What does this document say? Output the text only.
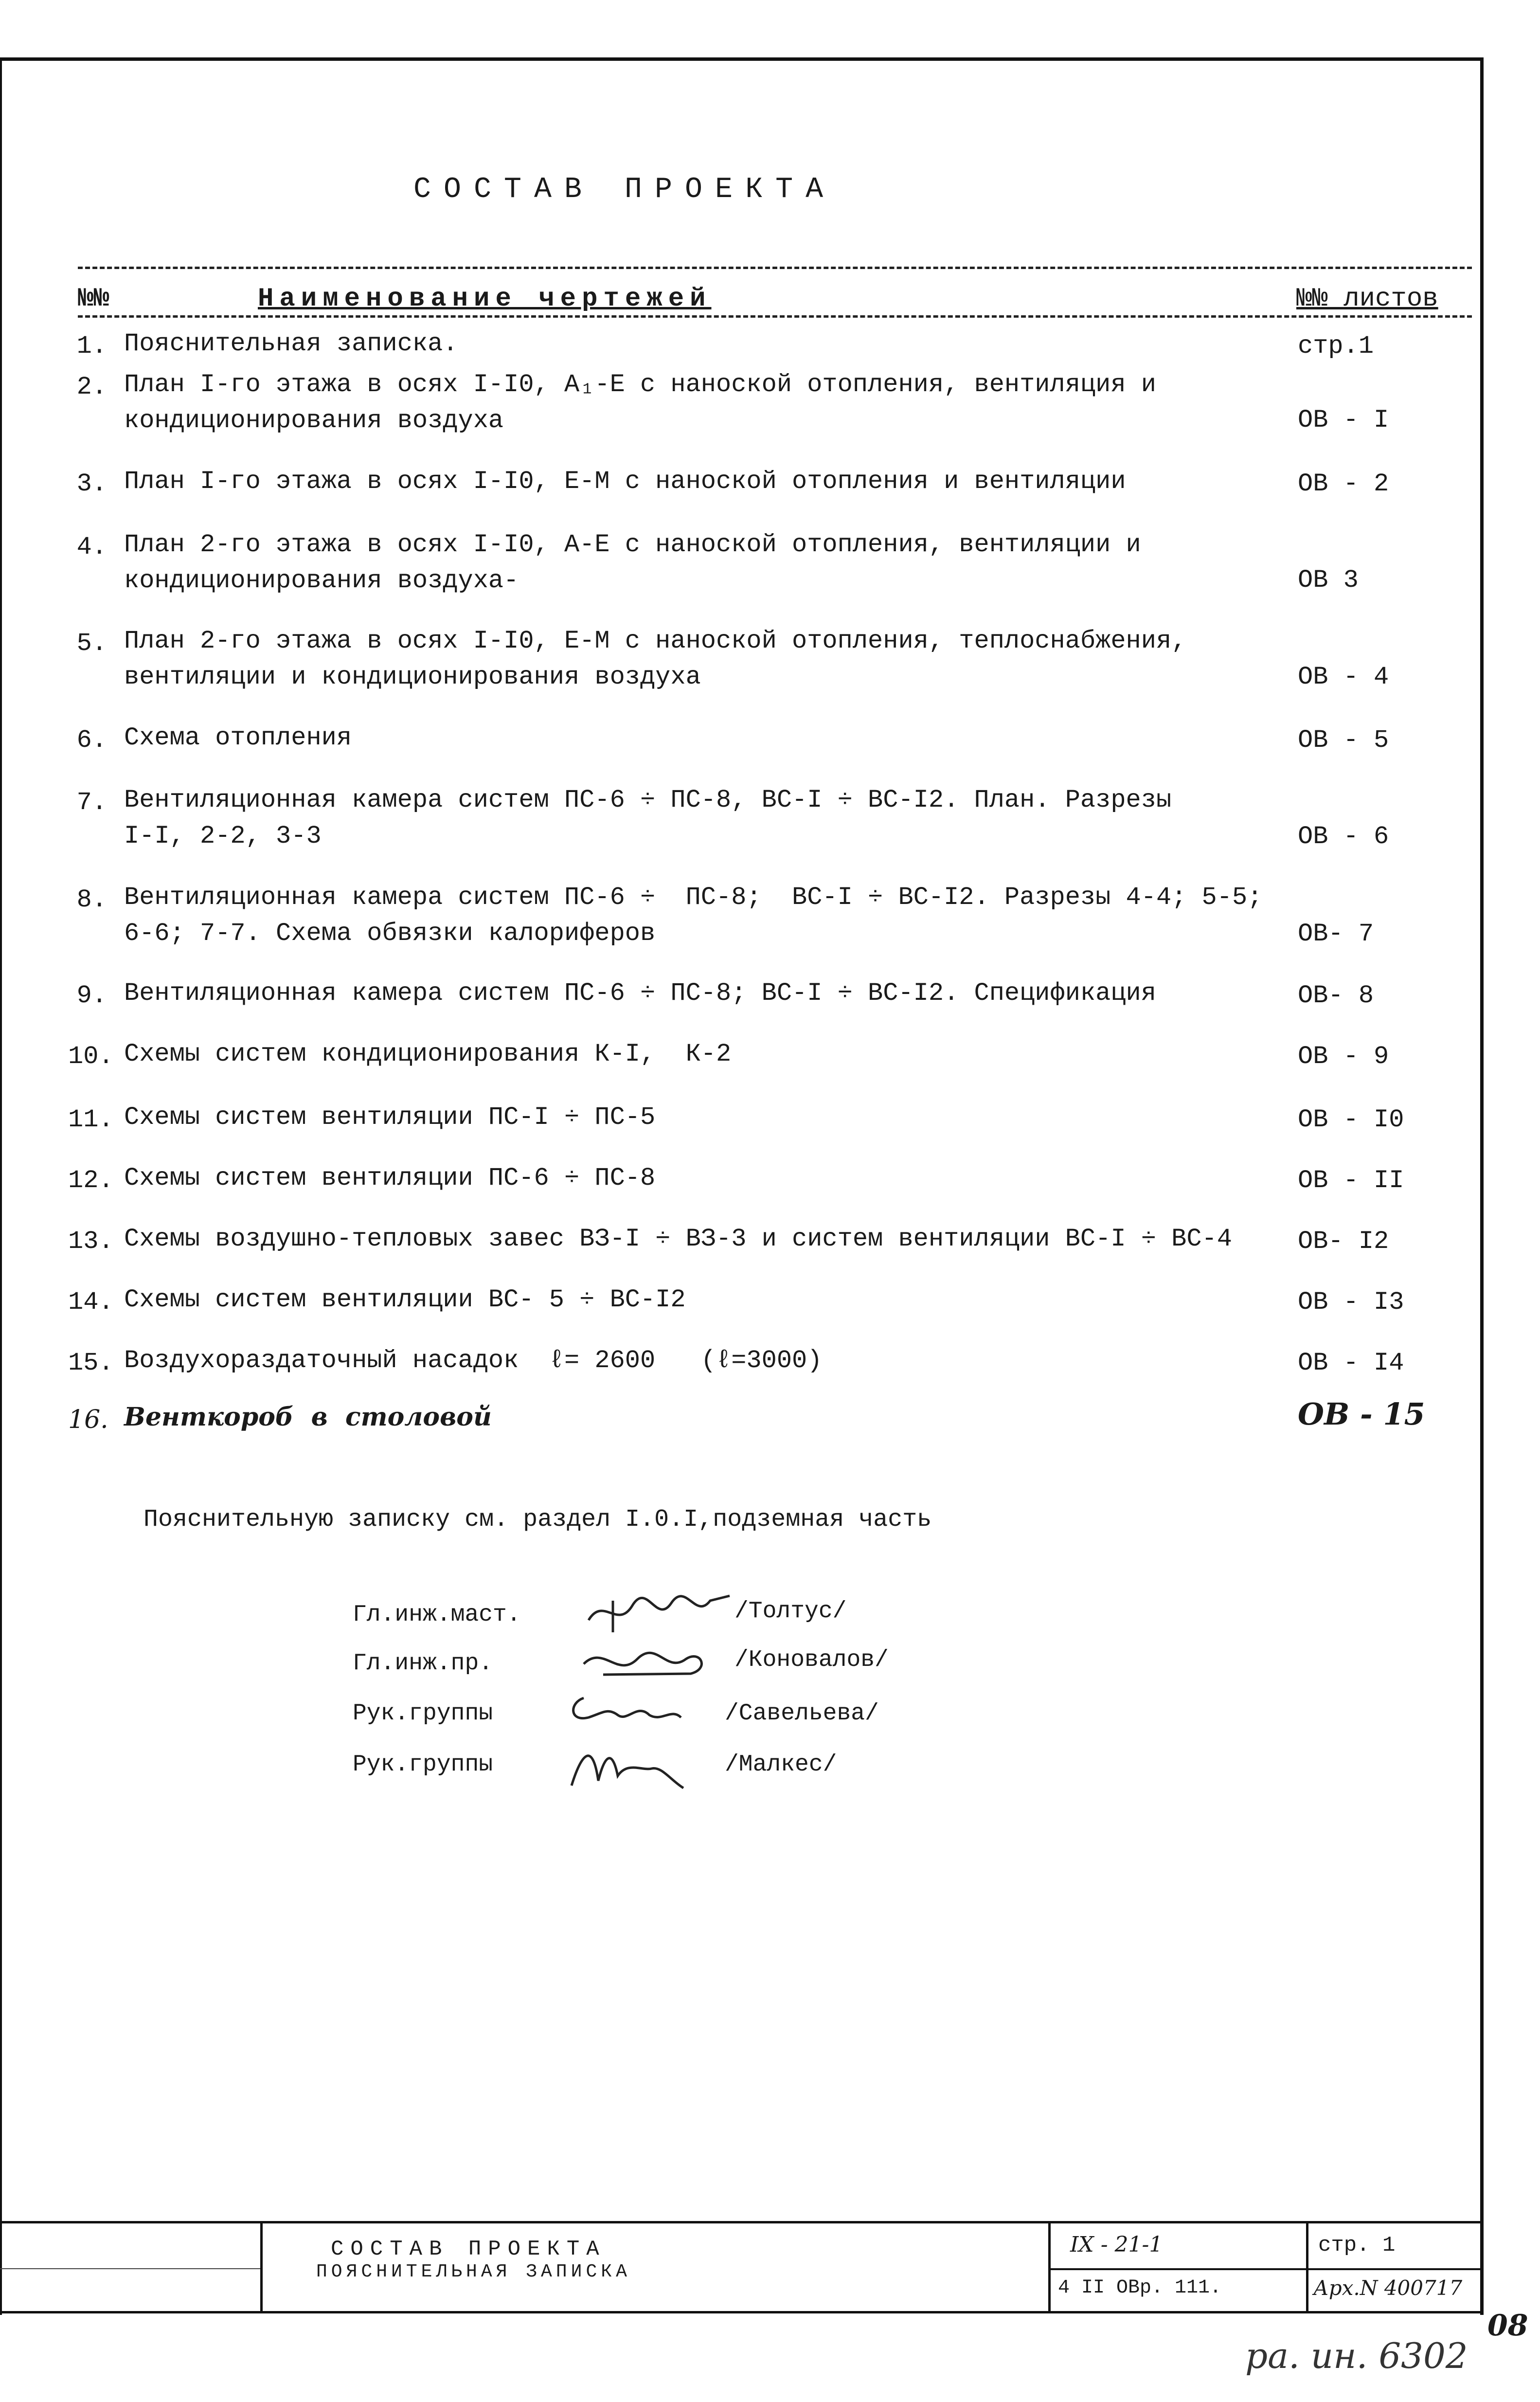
СОСТАВ ПРОЕКТА
№№	Наименование чертежей	№№ листов
1. Пояснительная записка.	стр.1
2. План I-го этажа в осях I-I0, А₁-Е с наноской отопления, вентиляция и
кондиционирования воздуха	ОВ - I
3. План I-го этажа в осях I-I0, Е-М с наноской отопления и вентиляции	ОВ - 2
4. План 2-го этажа в осях I-I0, А-Е с наноской отопления, вентиляции и
кондиционирования воздуха-	ОВ 3
5. План 2-го этажа в осях I-I0, Е-М с наноской отопления, теплоснабжения,
вентиляции и кондиционирования воздуха	ОВ - 4
6. Схема отопления	ОВ - 5
7. Вентиляционная камера систем ПС-6 ÷ ПС-8, ВС-I ÷ ВС-I2. План. Разрезы
I-I, 2-2, 3-3	ОВ - 6
8. Вентиляционная камера систем ПС-6 ÷  ПС-8;  ВС-I ÷ ВС-I2. Разрезы 4-4; 5-5;
6-6; 7-7. Схема обвязки калориферов	ОВ- 7
9. Вентиляционная камера систем ПС-6 ÷ ПС-8; ВС-I ÷ ВС-I2. Спецификация	ОВ- 8
10. Схемы систем кондиционирования К-I,  К-2	ОВ - 9
11. Схемы систем вентиляции ПС-I ÷ ПС-5	ОВ - I0
12. Схемы систем вентиляции ПС-6 ÷ ПС-8	ОВ - II
13. Схемы воздушно-тепловых завес ВЗ-I ÷ ВЗ-3 и систем вентиляции ВС-I ÷ ВС-4	ОВ- I2
14. Схемы систем вентиляции ВС- 5 ÷ ВС-I2	ОВ - I3
15. Воздухораздаточный насадок  ℓ= 2600   (ℓ=3000)	ОВ - I4
16. Венткороб  в  столовой	ОВ - 15
Пояснительную записку см. раздел I.0.I,подземная часть
Гл.инж.маст.	/Толтус/
Гл.инж.пр.	/Коновалов/
Рук.группы	/Савельева/
Рук.группы	/Малкес/
СОСТАВ ПРОЕКТА
ПОЯСНИТЕЛЬНАЯ ЗАПИСКА
IX - 21-1
4 II ОВр. 111.
стр. 1
Арх.N 400717
ра. ин. 6302
08
